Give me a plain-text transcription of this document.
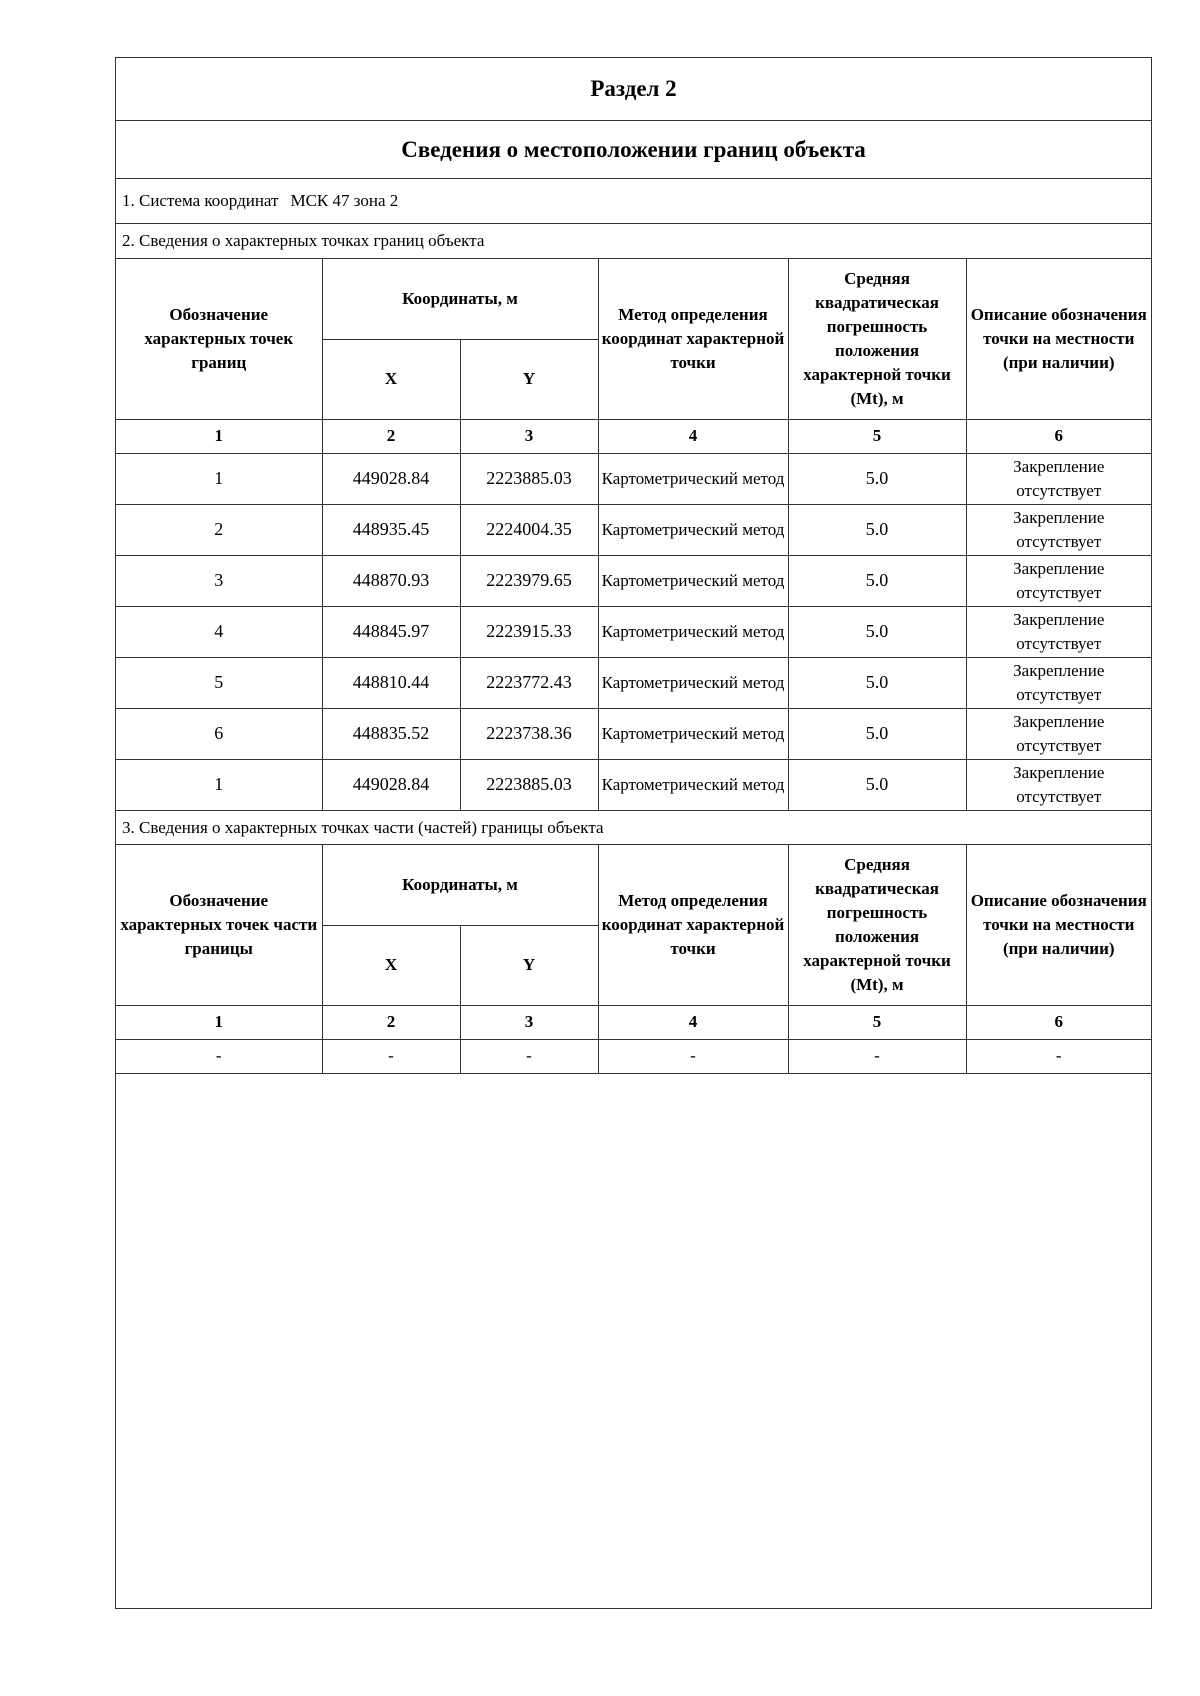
Раздел 2
Сведения о местоположении границ объекта
1. Система координат МСК 47 зона 2
2. Сведения о характерных точках границ объекта
Обозначение характерных точек границ	Координаты, м		Метод определения координат характерной точки	Средняя квадратическая погрешность положения характерной точки (Mt), м	Описание обозначения точки на местности (при наличии)
	X	Y			
1	2	3	4	5	6
1	449028.84	2223885.03	Картометрический метод	5.0	Закрепление отсутствует
2	448935.45	2224004.35	Картометрический метод	5.0	Закрепление отсутствует
3	448870.93	2223979.65	Картометрический метод	5.0	Закрепление отсутствует
4	448845.97	2223915.33	Картометрический метод	5.0	Закрепление отсутствует
5	448810.44	2223772.43	Картометрический метод	5.0	Закрепление отсутствует
6	448835.52	2223738.36	Картометрический метод	5.0	Закрепление отсутствует
1	449028.84	2223885.03	Картометрический метод	5.0	Закрепление отсутствует
3. Сведения о характерных точках части (частей) границы объекта
Обозначение характерных точек части границы	Координаты, м		Метод определения координат характерной точки	Средняя квадратическая погрешность положения характерной точки (Mt), м	Описание обозначения точки на местности (при наличии)
	X	Y			
1	2	3	4	5	6
-	-	-	-	-	-
